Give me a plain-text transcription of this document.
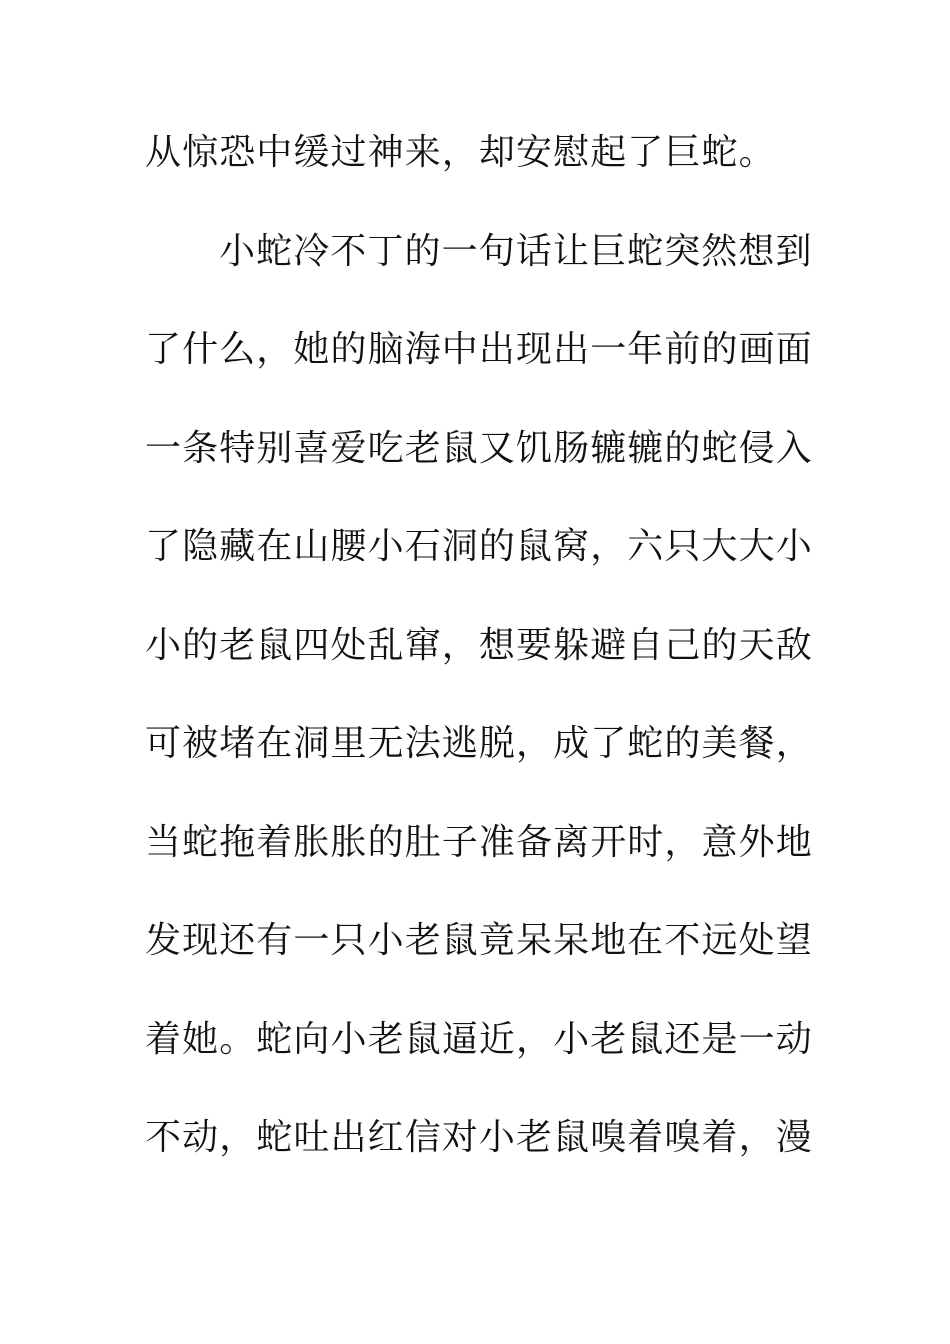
从惊恐中缓过神来，却安慰起了巨蛇。
小蛇冷不丁的一句话让巨蛇突然想到
了什么，她的脑海中出现出一年前的画面
一条特别喜爱吃老鼠又饥肠辘辘的蛇侵入
了隐藏在山腰小石洞的鼠窝，六只大大小
小的老鼠四处乱窜，想要躲避自己的天敌
可被堵在洞里无法逃脱，成了蛇的美餐，
当蛇拖着胀胀的肚子准备离开时，意外地
发现还有一只小老鼠竟呆呆地在不远处望
着她。蛇向小老鼠逼近，小老鼠还是一动
不动，蛇吐出红信对小老鼠嗅着嗅着，漫
